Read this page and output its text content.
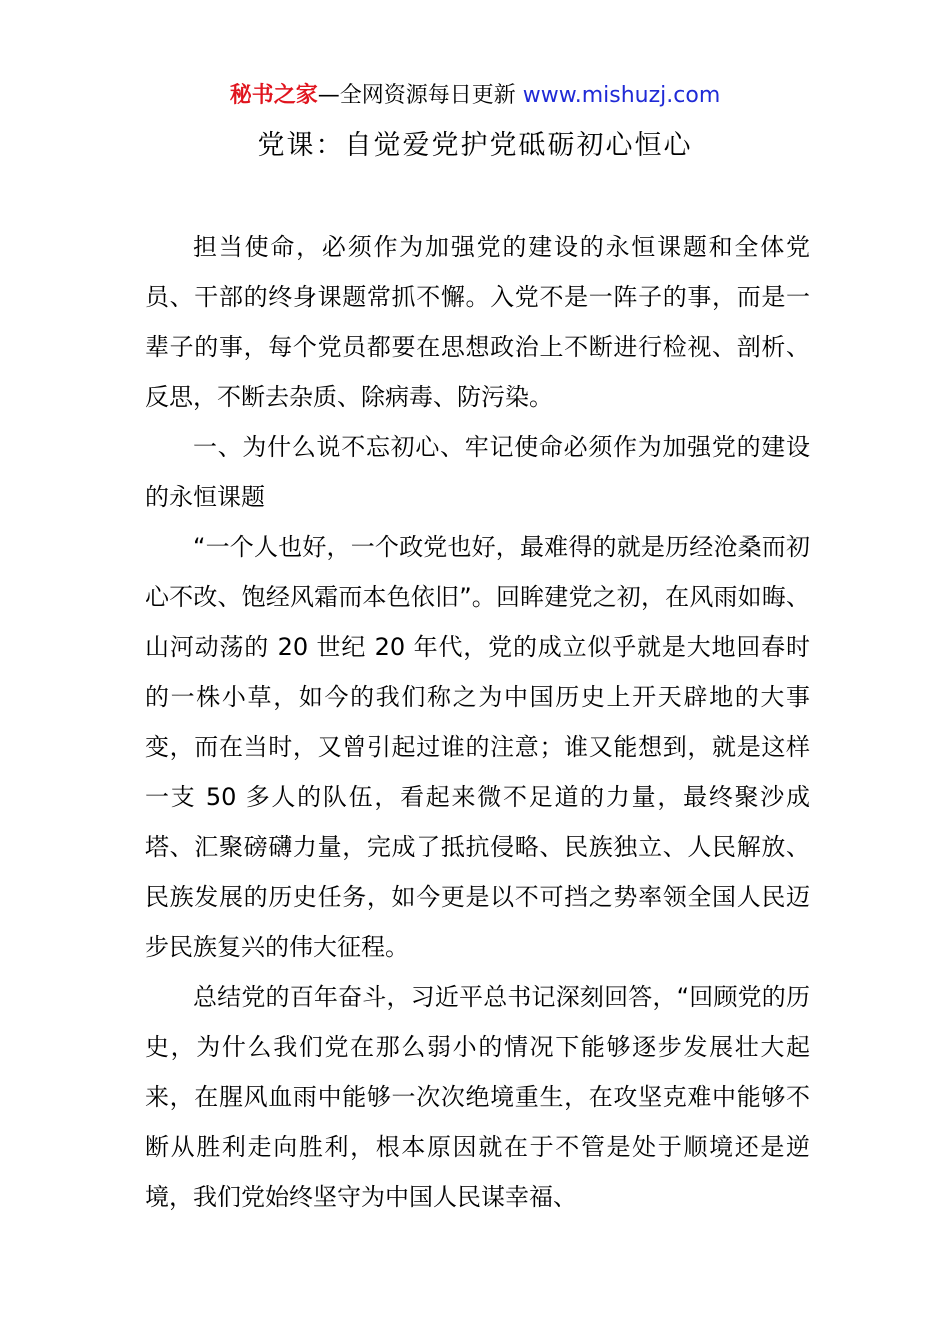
秘书之家—全网资源每日更新 www.mishuzj.com
党课：自觉爱党护党砥砺初心恒心

担当使命，必须作为加强党的建设的永恒课题和全体党员、干部的终身课题常抓不懈。入党不是一阵子的事，而是一辈子的事，每个党员都要在思想政治上不断进行检视、剖析、反思，不断去杂质、除病毒、防污染。

一、为什么说不忘初心、牢记使命必须作为加强党的建设的永恒课题

“一个人也好，一个政党也好，最难得的就是历经沧桑而初心不改、饱经风霜而本色依旧”。回眸建党之初，在风雨如晦、山河动荡的 20 世纪 20 年代，党的成立似乎就是大地回春时的一株小草，如今的我们称之为中国历史上开天辟地的大事变，而在当时，又曾引起过谁的注意；谁又能想到，就是这样一支 50 多人的队伍，看起来微不足道的力量，最终聚沙成塔、汇聚磅礴力量，完成了抵抗侵略、民族独立、人民解放、民族发展的历史任务，如今更是以不可挡之势率领全国人民迈步民族复兴的伟大征程。

总结党的百年奋斗，习近平总书记深刻回答，“回顾党的历史，为什么我们党在那么弱小的情况下能够逐步发展壮大起来，在腥风血雨中能够一次次绝境重生，在攻坚克难中能够不断从胜利走向胜利，根本原因就在于不管是处于顺境还是逆境，我们党始终坚守为中国人民谋幸福、
